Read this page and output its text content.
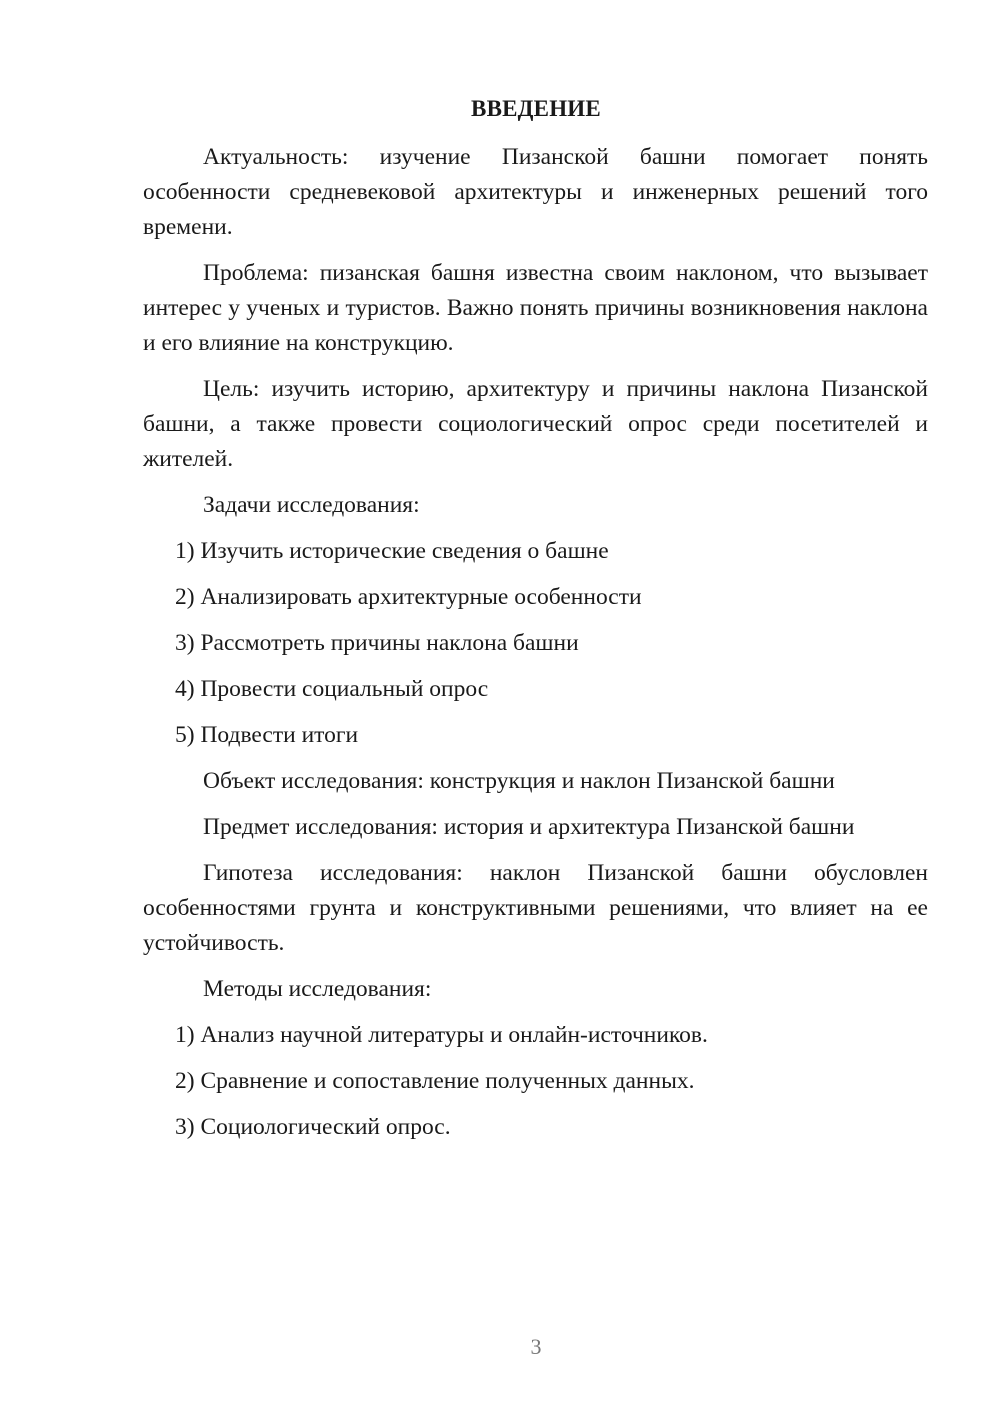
ВВЕДЕНИЕ

Актуальность: изучение Пизанской башни помогает понять особенности средневековой архитектуры и инженерных решений того времени.

Проблема: пизанская башня известна своим наклоном, что вызывает интерес у ученых и туристов. Важно понять причины возникновения наклона и его влияние на конструкцию.

Цель: изучить историю, архитектуру и причины наклона Пизанской башни, а также провести социологический опрос среди посетителей и жителей.

Задачи исследования:

1) Изучить исторические сведения о башне

2) Анализировать архитектурные особенности

3) Рассмотреть причины наклона башни

4) Провести социальный опрос

5) Подвести итоги

Объект исследования: конструкция и наклон Пизанской башни

Предмет исследования: история и архитектура Пизанской башни

Гипотеза исследования: наклон Пизанской башни обусловлен особенностями грунта и конструктивными решениями, что влияет на ее устойчивость.

Методы исследования:

1) Анализ научной литературы и онлайн-источников.

2) Сравнение и сопоставление полученных данных.

3) Социологический опрос.

3
